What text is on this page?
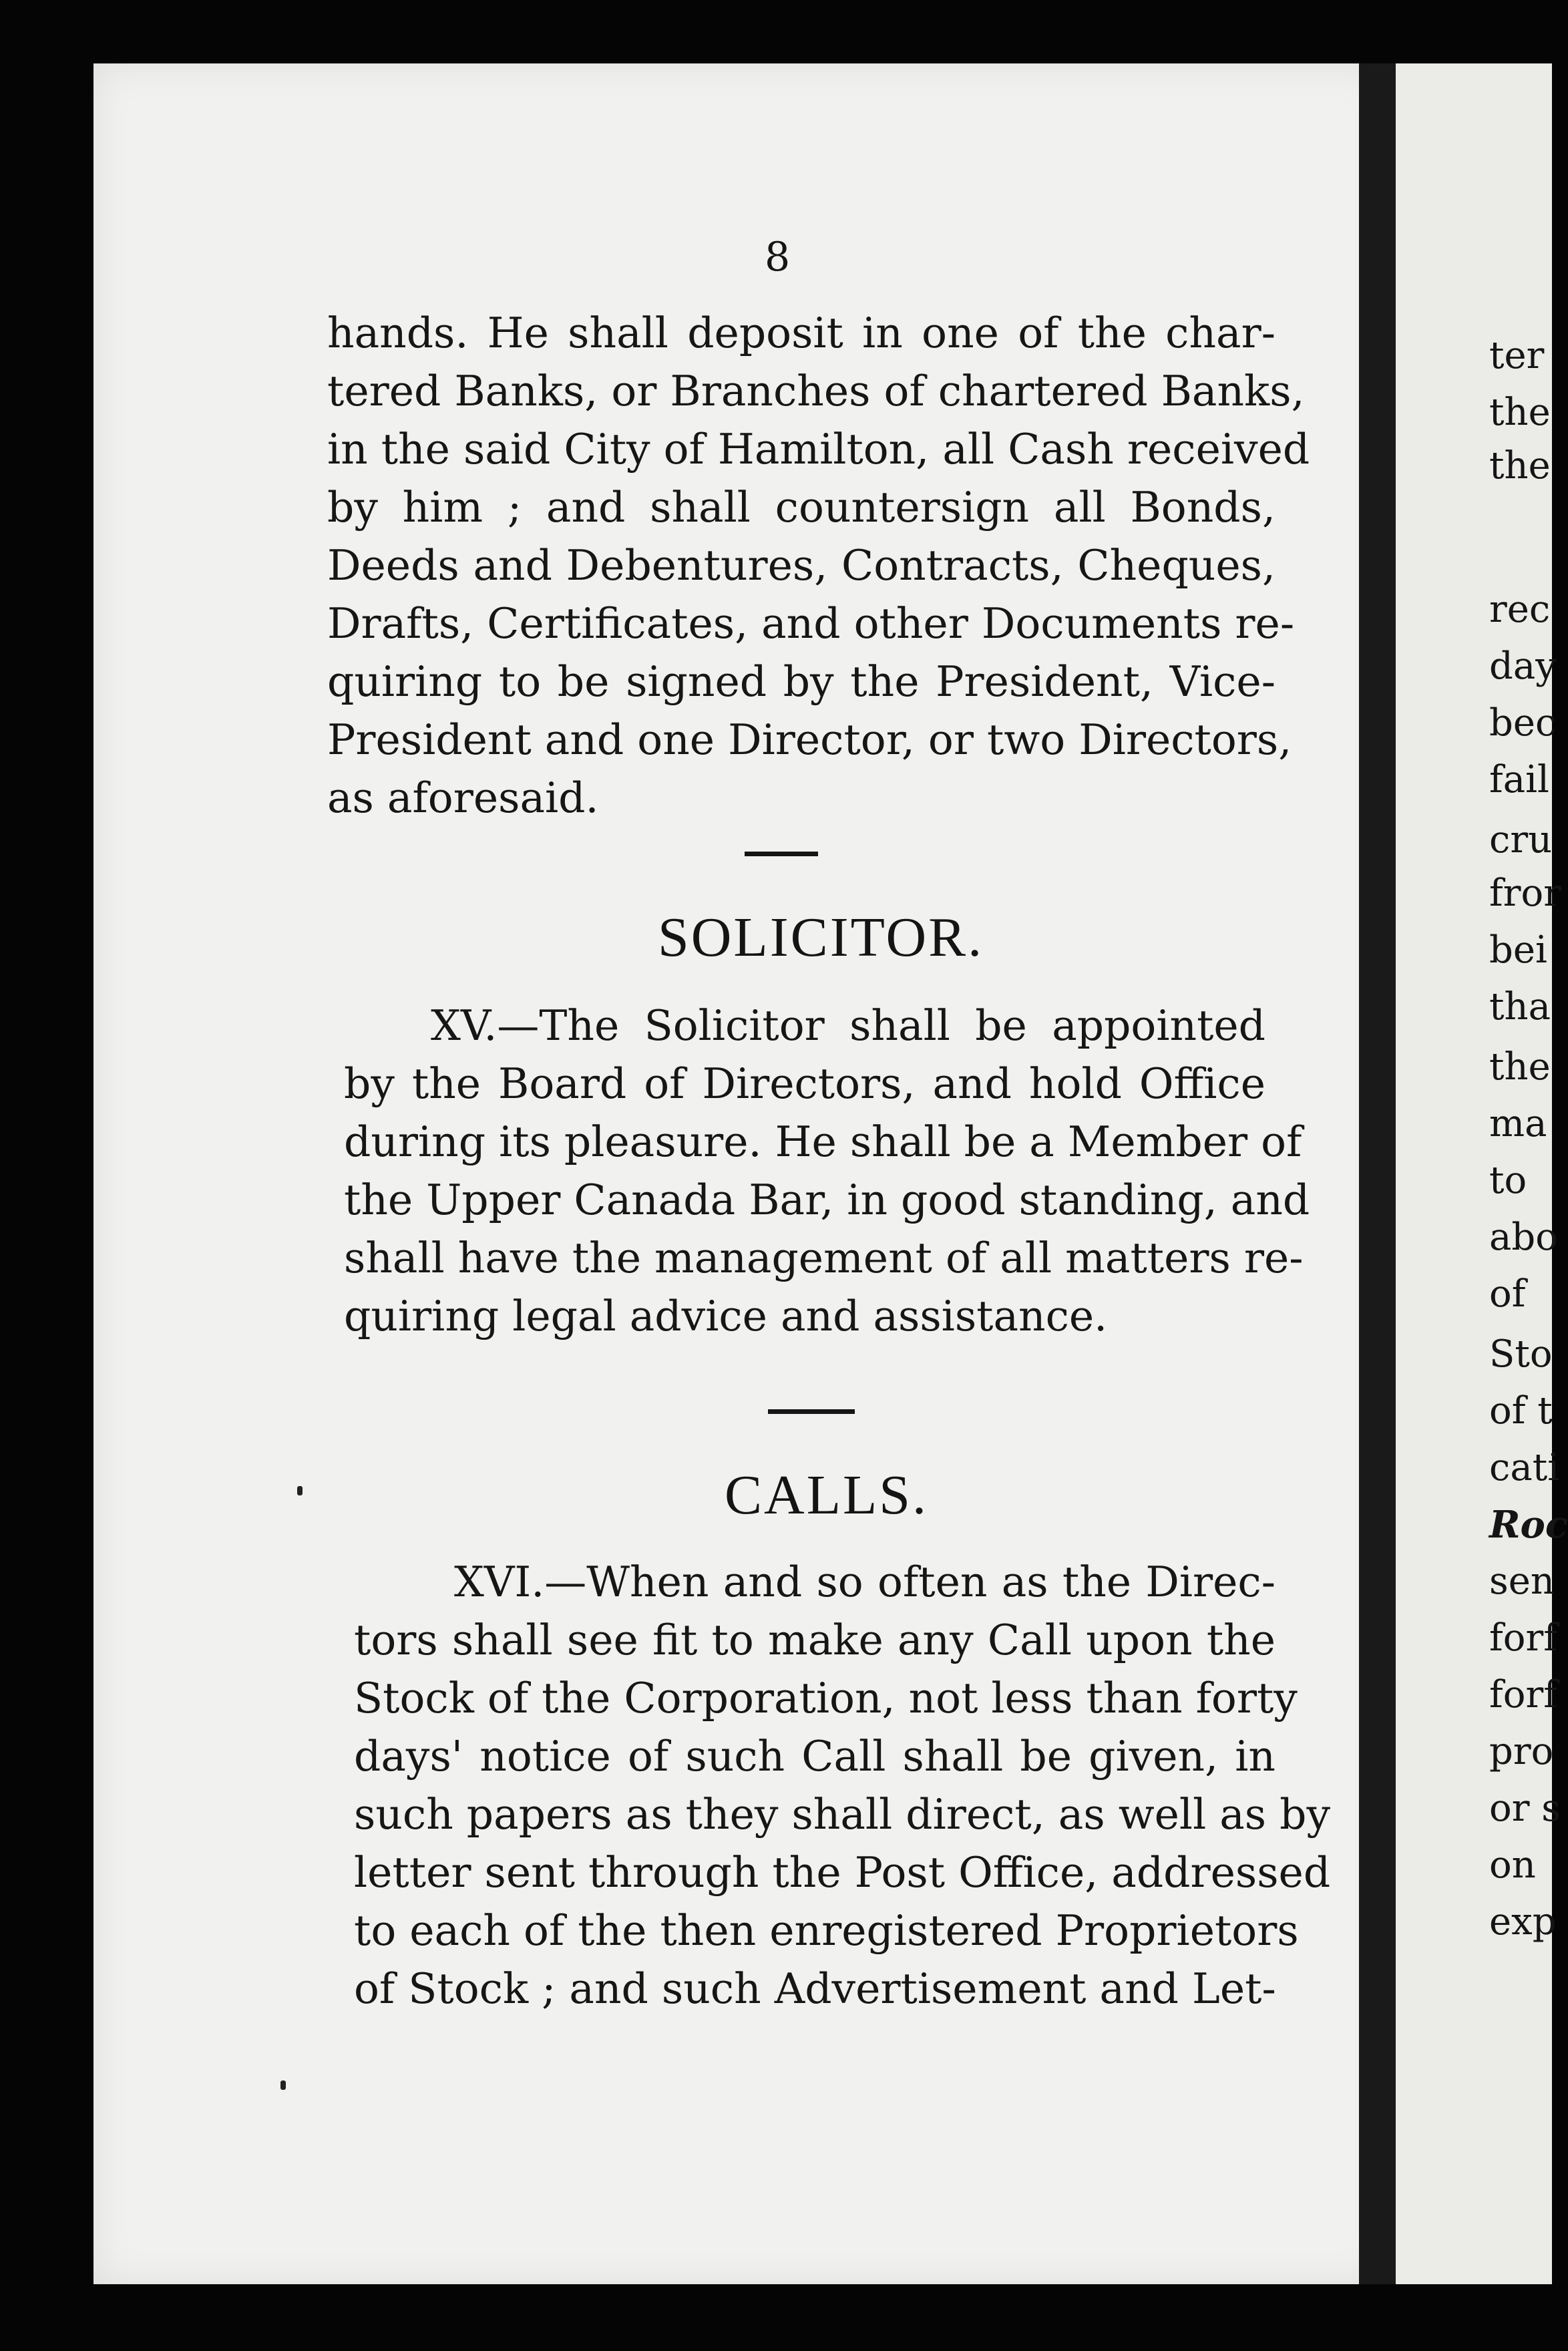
ter
the
the
rec
day
bec
fail
cru
fror
bei
tha
the
ma
to
abo
of
Sto
of t
cati
Roc
sen
forf
forf
pro
or s
on
exp
8
hands. He shall deposit in one of the char-
tered Banks, or Branches of chartered Banks,
in the said City of Hamilton, all Cash received
by him ; and shall countersign all Bonds,
Deeds and Debentures, Contracts, Cheques,
Drafts, Certificates, and other Documents re-
quiring to be signed by the President, Vice-
President and one Director, or two Directors,
as aforesaid.
SOLICITOR.
XV.—The Solicitor shall be appointed
by the Board of Directors, and hold Office
during its pleasure. He shall be a Member of
the Upper Canada Bar, in good standing, and
shall have the management of all matters re-
quiring legal advice and assistance.
CALLS.
XVI.—When and so often as the Direc-
tors shall see fit to make any Call upon the
Stock of the Corporation, not less than forty
days' notice of such Call shall be given, in
such papers as they shall direct, as well as by
letter sent through the Post Office, addressed
to each of the then enregistered Proprietors
of Stock ; and such Advertisement and Let-
